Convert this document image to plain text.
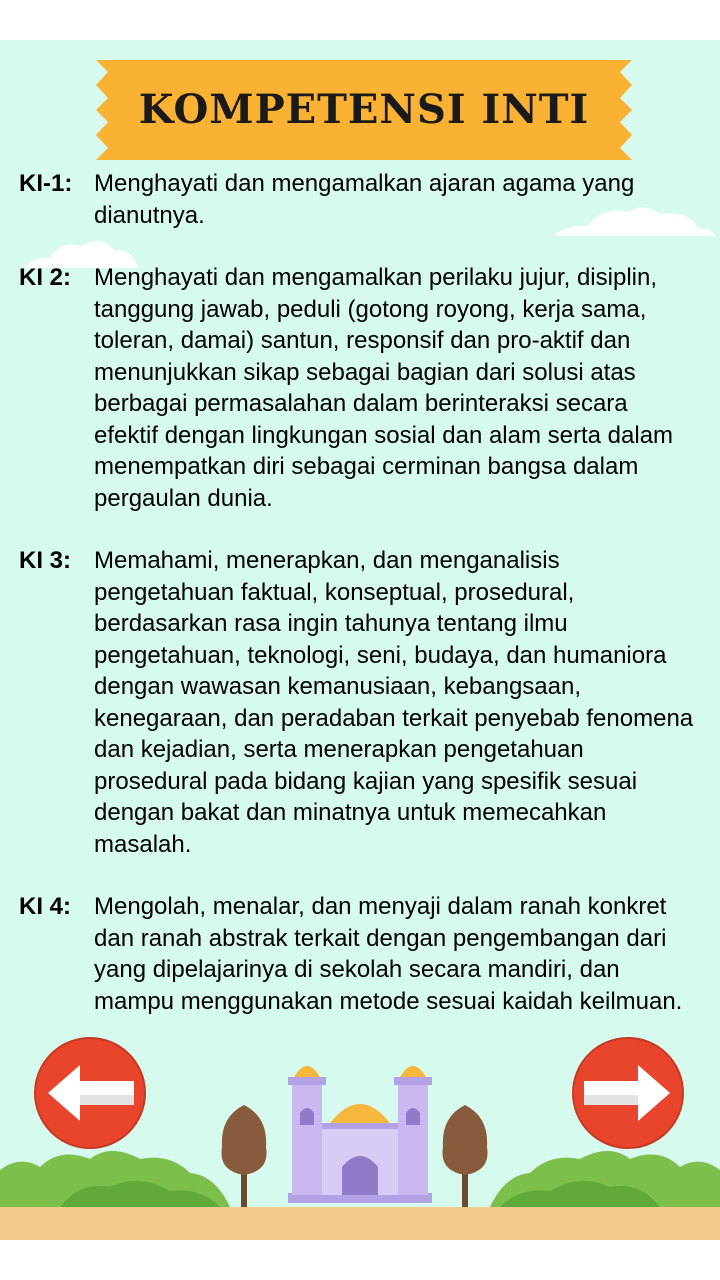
KOMPETENSI INTI
KI-1: Menghayati dan mengamalkan ajaran agama yang dianutnya.
KI 2: Menghayati dan mengamalkan perilaku jujur, disiplin, tanggung jawab, peduli (gotong royong, kerja sama, toleran, damai) santun, responsif dan pro-aktif dan menunjukkan sikap sebagai bagian dari solusi atas berbagai permasalahan dalam berinteraksi secara efektif dengan lingkungan sosial dan alam serta dalam menempatkan diri sebagai cerminan bangsa dalam pergaulan dunia.
KI 3: Memahami, menerapkan, dan menganalisis pengetahuan faktual, konseptual, prosedural, berdasarkan rasa ingin tahunya tentang ilmu pengetahuan, teknologi, seni, budaya, dan humaniora dengan wawasan kemanusiaan, kebangsaan, kenegaraan, dan peradaban terkait penyebab fenomena dan kejadian, serta menerapkan pengetahuan prosedural pada bidang kajian yang spesifik sesuai dengan bakat dan minatnya untuk memecahkan masalah.
KI 4: Mengolah, menalar, dan menyaji dalam ranah konkret dan ranah abstrak terkait dengan pengembangan dari yang dipelajarinya di sekolah secara mandiri, dan mampu menggunakan metode sesuai kaidah keilmuan.
